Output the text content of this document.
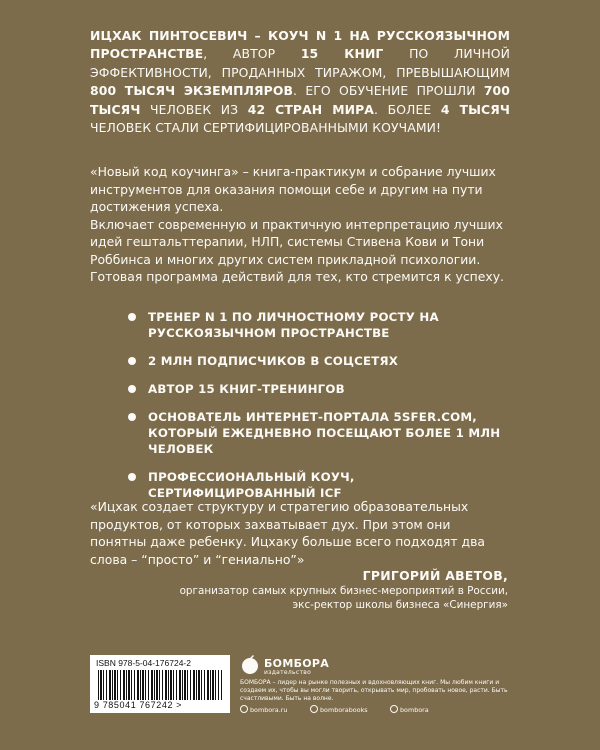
ИЦХАК ПИНТОСЕВИЧ – КОУЧ N 1 НА РУССКОЯЗЫЧНОМ ПРОСТРАНСТВЕ, АВТОР 15 КНИГ ПО ЛИЧНОЙ ЭФФЕКТИВНОСТИ, ПРОДАННЫХ ТИРАЖОМ, ПРЕВЫШАЮЩИМ 800 ТЫСЯЧ ЭКЗЕМПЛЯРОВ. ЕГО ОБУЧЕНИЕ ПРОШЛИ 700 ТЫСЯЧ ЧЕЛОВЕК ИЗ 42 СТРАН МИРА. БОЛЕЕ 4 ТЫСЯЧ ЧЕЛОВЕК СТАЛИ СЕРТИФИЦИРОВАННЫМИ КОУЧАМИ!

«Новый код коучинга» – книга-практикум и собрание лучших инструментов для оказания помощи себе и другим на пути достижения успеха.

Включает современную и практичную интерпретацию лучших идей гештальттерапии, НЛП, системы Стивена Кови и Тони Роббинса и многих других систем прикладной психологии. Готовая программа действий для тех, кто стремится к успеху.

ТРЕНЕР N 1 ПО ЛИЧНОСТНОМУ РОСТУ НА РУССКОЯЗЫЧНОМ ПРОСТРАНСТВЕ
2 МЛН ПОДПИСЧИКОВ В СОЦСЕТЯХ
АВТОР 15 КНИГ-ТРЕНИНГОВ
ОСНОВАТЕЛЬ ИНТЕРНЕТ-ПОРТАЛА 5SFER.COM, КОТОРЫЙ ЕЖЕДНЕВНО ПОСЕЩАЮТ БОЛЕЕ 1 МЛН ЧЕЛОВЕК
ПРОФЕССИОНАЛЬНЫЙ КОУЧ, СЕРТИФИЦИРОВАННЫЙ ICF
«Ицхак создает структуру и стратегию образовательных продуктов, от которых захватывает дух. При этом они понятны даже ребенку. Ицхаку больше всего подходят два слова – “просто” и “гениально”»
ГРИГОРИЙ АВЕТОВ,
организатор самых крупных бизнес-мероприятий в России,
экс-ректор школы бизнеса «Синергия»
ISBN 978-5-04-176724-2
9 785041 767242 >
БОМБОРА
издательство
БОМБОРА – лидер на рынке полезных и вдохновляющих книг. Мы любим книги и создаем их, чтобы вы могли творить, открывать мир, пробовать новое, расти. Быть счастливыми. Быть на волне.
bombora.ru	bomborabooks	bombora
